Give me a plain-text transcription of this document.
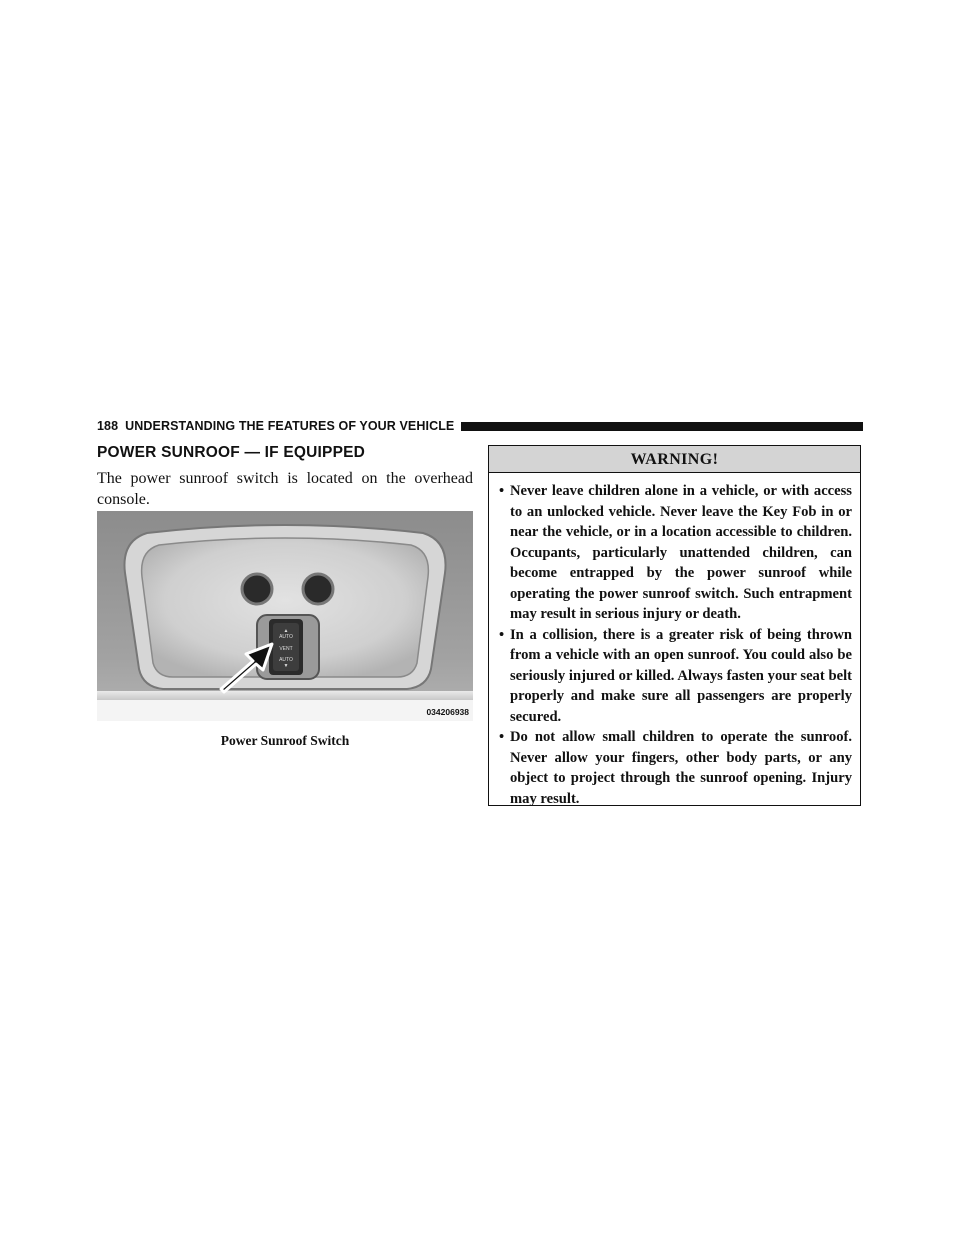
188 UNDERSTANDING THE FEATURES OF YOUR VEHICLE
POWER SUNROOF — IF EQUIPPED

The power sunroof switch is located on the overhead console.

▲
AUTO
VENT
AUTO
▼
034206938
Power Sunroof Switch
WARNING!
• Never leave children alone in a vehicle, or with access to an unlocked vehicle. Never leave the Key Fob in or near the vehicle, or in a location accessible to children. Occupants, particularly unattended children, can become entrapped by the power sunroof while operating the power sunroof switch. Such entrapment may result in serious injury or death.
• In a collision, there is a greater risk of being thrown from a vehicle with an open sunroof. You could also be seriously injured or killed. Always fasten your seat belt properly and make sure all passengers are properly secured.
• Do not allow small children to operate the sunroof. Never allow your fingers, other body parts, or any object to project through the sunroof opening. Injury may result.
